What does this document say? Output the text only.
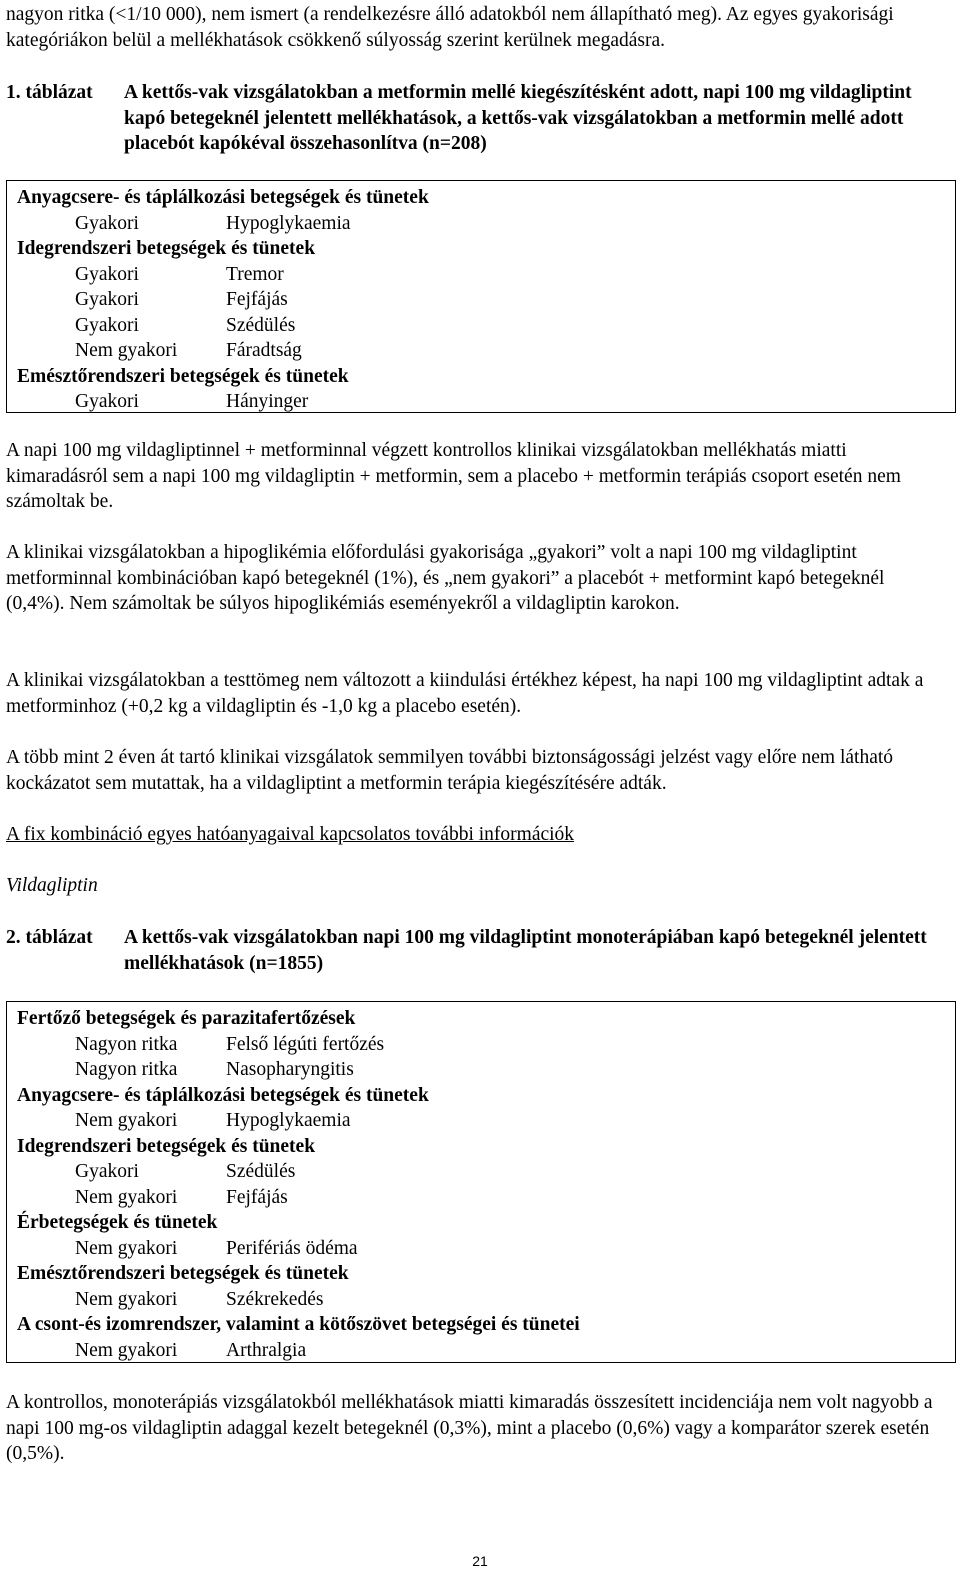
nagyon ritka (<1/10 000), nem ismert (a rendelkezésre álló adatokból nem állapítható meg). Az egyes gyakorisági kategóriákon belül a mellékhatások csökkenő súlyosság szerint kerülnek megadásra.

1. táblázat	A kettős-vak vizsgálatokban a metformin mellé kiegészítésként adott, napi 100 mg vildagliptint kapó betegeknél jelentett mellékhatások, a kettős-vak vizsgálatokban a metformin mellé adott placebót kapókéval összehasonlítva (n=208)
Anyagcsere- és táplálkozási betegségek és tünetek
Gyakori	Hypoglykaemia
Idegrendszeri betegségek és tünetek
Gyakori	Tremor
Gyakori	Fejfájás
Gyakori	Szédülés
Nem gyakori	Fáradtság
Emésztőrendszeri betegségek és tünetek
Gyakori	Hányinger

A napi 100 mg vildagliptinnel + metforminnal végzett kontrollos klinikai vizsgálatokban mellékhatás miatti kimaradásról sem a napi 100 mg vildagliptin + metformin, sem a placebo + metformin terápiás csoport esetén nem számoltak be.

A klinikai vizsgálatokban a hipoglikémia előfordulási gyakorisága „gyakori” volt a napi 100 mg vildagliptint metforminnal kombinációban kapó betegeknél (1%), és „nem gyakori” a placebót + metformint kapó betegeknél (0,4%). Nem számoltak be súlyos hipoglikémiás eseményekről a vildagliptin karokon.

A klinikai vizsgálatokban a testtömeg nem változott a kiindulási értékhez képest, ha napi 100 mg vildagliptint adtak a metforminhoz (+0,2 kg a vildagliptin és -1,0 kg a placebo esetén).

A több mint 2 éven át tartó klinikai vizsgálatok semmilyen további biztonságossági jelzést vagy előre nem látható kockázatot sem mutattak, ha a vildagliptint a metformin terápia kiegészítésére adták.

A fix kombináció egyes hatóanyagaival kapcsolatos további információk

Vildagliptin

2. táblázat	A kettős-vak vizsgálatokban napi 100 mg vildagliptint monoterápiában kapó betegeknél jelentett mellékhatások (n=1855)
Fertőző betegségek és parazitafertőzések
Nagyon ritka	Felső légúti fertőzés
Nagyon ritka	Nasopharyngitis
Anyagcsere- és táplálkozási betegségek és tünetek
Nem gyakori	Hypoglykaemia
Idegrendszeri betegségek és tünetek
Gyakori	Szédülés
Nem gyakori	Fejfájás
Érbetegségek és tünetek
Nem gyakori	Perifériás ödéma
Emésztőrendszeri betegségek és tünetek
Nem gyakori	Székrekedés
A csont-és izomrendszer, valamint a kötőszövet betegségei és tünetei
Nem gyakori	Arthralgia

A kontrollos, monoterápiás vizsgálatokból mellékhatások miatti kimaradás összesített incidenciája nem volt nagyobb a napi 100 mg-os vildagliptin adaggal kezelt betegeknél (0,3%), mint a placebo (0,6%) vagy a komparátor szerek esetén (0,5%).

21
